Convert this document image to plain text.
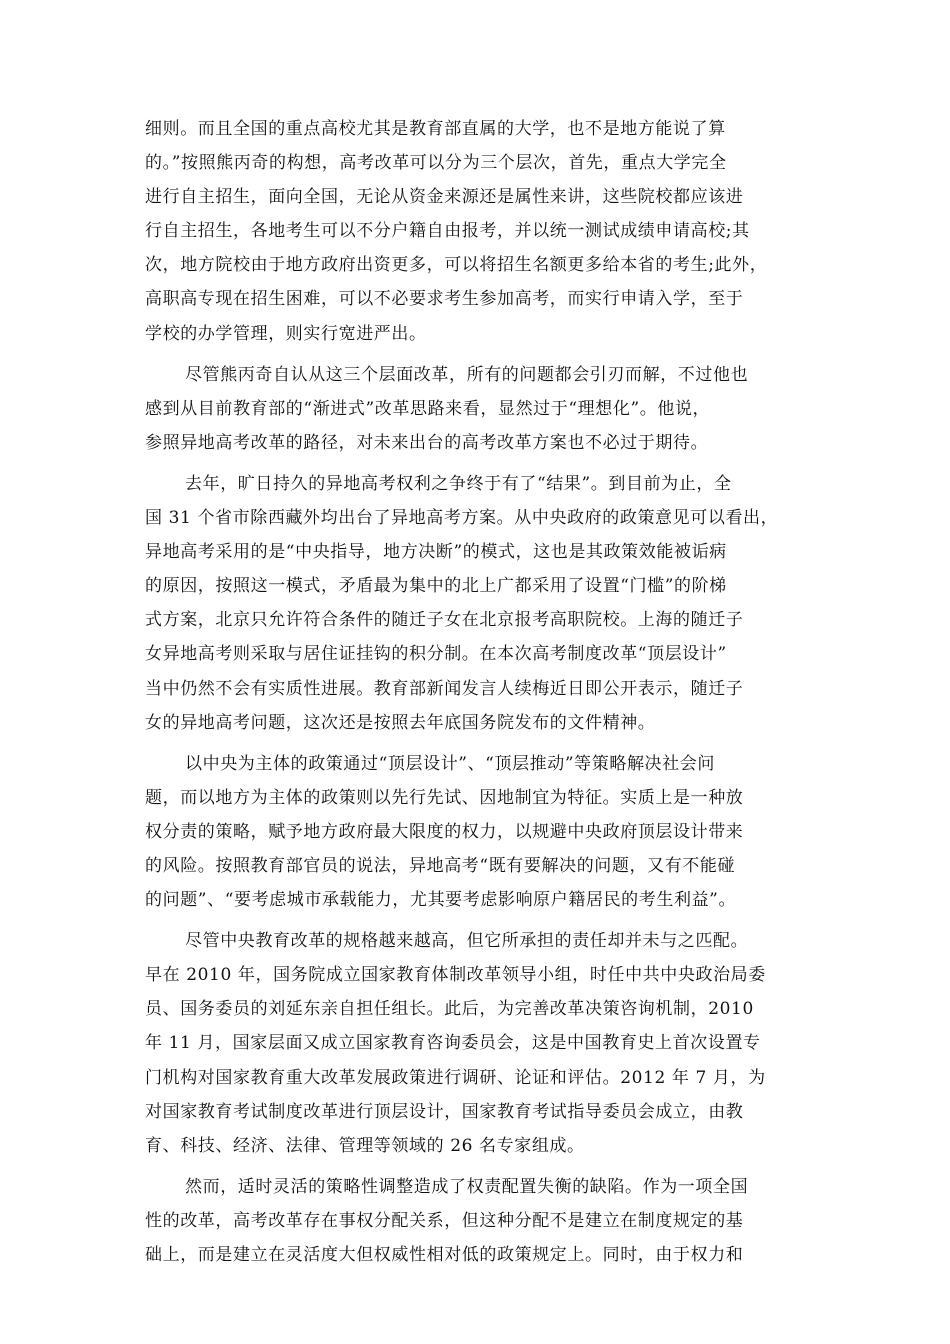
细则。而且全国的重点高校尤其是教育部直属的大学，也不是地方能说了算
的。”按照熊丙奇的构想，高考改革可以分为三个层次，首先，重点大学完全
进行自主招生，面向全国，无论从资金来源还是属性来讲，这些院校都应该进
行自主招生，各地考生可以不分户籍自由报考，并以统一测试成绩申请高校;其
次，地方院校由于地方政府出资更多，可以将招生名额更多给本省的考生;此外，
高职高专现在招生困难，可以不必要求考生参加高考，而实行申请入学，至于
学校的办学管理，则实行宽进严出。
尽管熊丙奇自认从这三个层面改革，所有的问题都会引刃而解，不过他也
感到从目前教育部的“渐进式”改革思路来看，显然过于“理想化”。他说，
参照异地高考改革的路径，对未来出台的高考改革方案也不必过于期待。
去年，旷日持久的异地高考权利之争终于有了“结果”。到目前为止，全
国 31 个省市除西藏外均出台了异地高考方案。从中央政府的政策意见可以看出，
异地高考采用的是“中央指导，地方决断”的模式，这也是其政策效能被诟病
的原因，按照这一模式，矛盾最为集中的北上广都采用了设置“门槛”的阶梯
式方案，北京只允许符合条件的随迁子女在北京报考高职院校。上海的随迁子
女异地高考则采取与居住证挂钩的积分制。在本次高考制度改革“顶层设计”
当中仍然不会有实质性进展。教育部新闻发言人续梅近日即公开表示，随迁子
女的异地高考问题，这次还是按照去年底国务院发布的文件精神。
以中央为主体的政策通过“顶层设计”、“顶层推动”等策略解决社会问
题，而以地方为主体的政策则以先行先试、因地制宜为特征。实质上是一种放
权分责的策略，赋予地方政府最大限度的权力，以规避中央政府顶层设计带来
的风险。按照教育部官员的说法，异地高考“既有要解决的问题，又有不能碰
的问题”、“要考虑城市承载能力，尤其要考虑影响原户籍居民的考生利益”。
尽管中央教育改革的规格越来越高，但它所承担的责任却并未与之匹配。
早在 2010 年，国务院成立国家教育体制改革领导小组，时任中共中央政治局委
员、国务委员的刘延东亲自担任组长。此后，为完善改革决策咨询机制，2010
年 11 月，国家层面又成立国家教育咨询委员会，这是中国教育史上首次设置专
门机构对国家教育重大改革发展政策进行调研、论证和评估。2012 年 7 月，为
对国家教育考试制度改革进行顶层设计，国家教育考试指导委员会成立，由教
育、科技、经济、法律、管理等领域的 26 名专家组成。
然而，适时灵活的策略性调整造成了权责配置失衡的缺陷。作为一项全国
性的改革，高考改革存在事权分配关系，但这种分配不是建立在制度规定的基
础上，而是建立在灵活度大但权威性相对低的政策规定上。同时，由于权力和
